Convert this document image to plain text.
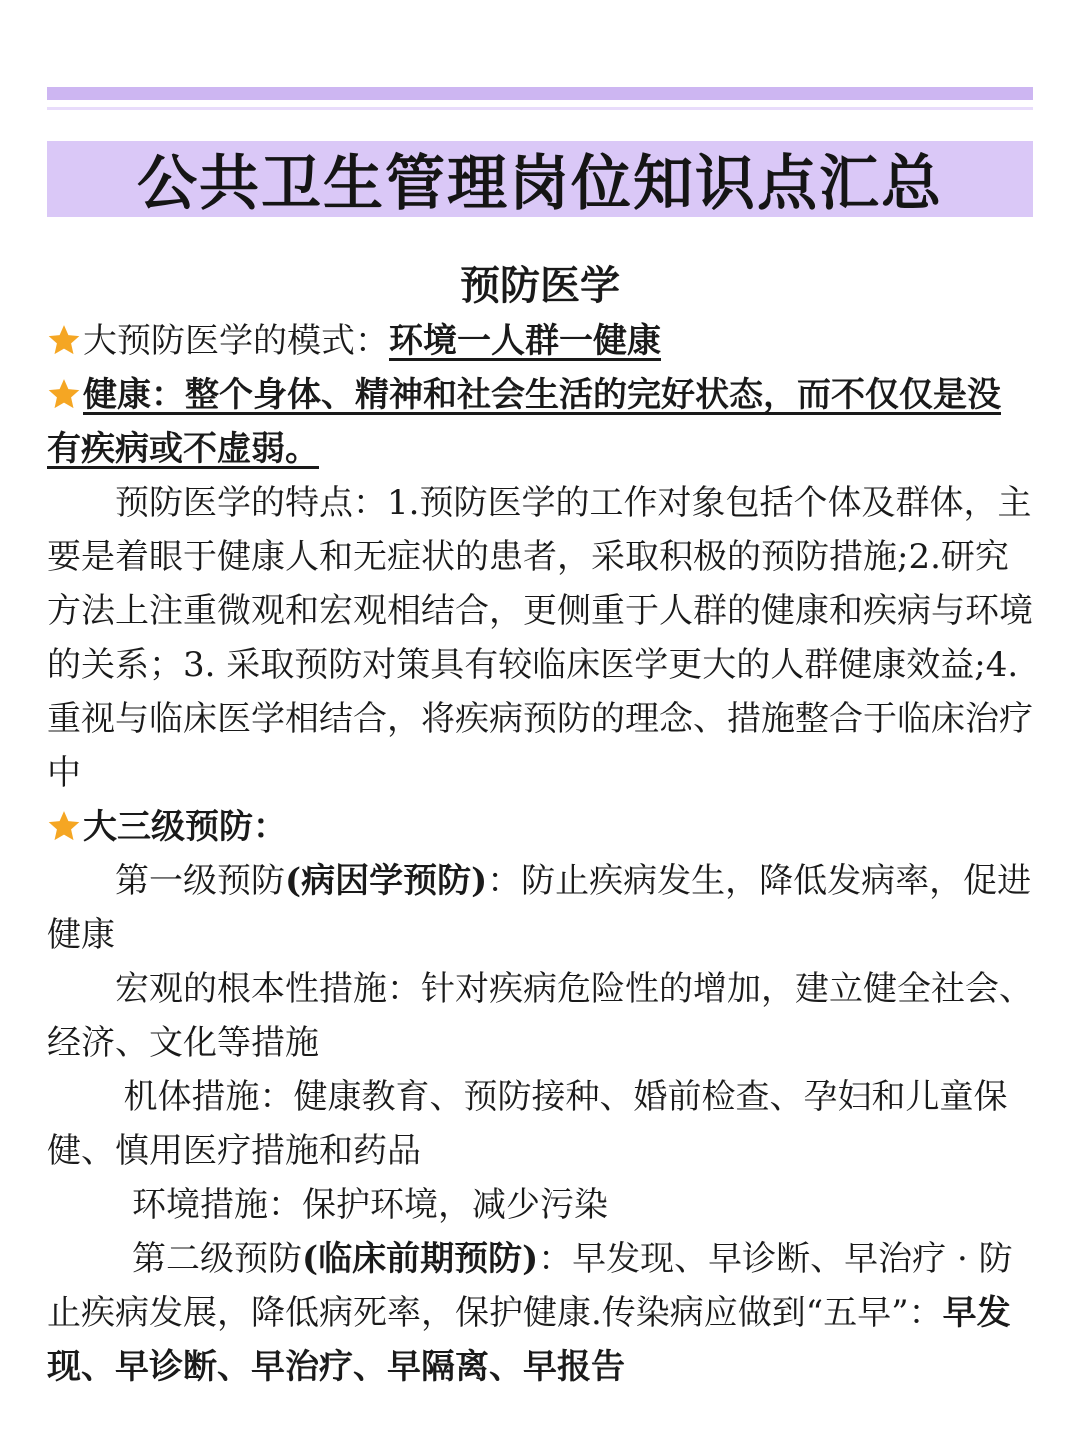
公共卫生管理岗位知识点汇总
预防医学

大预防医学的模式：环境一人群一健康

健康：整个身体、精神和社会生活的完好状态，而不仅仅是没有疾病或不虚弱。

预防医学的特点：1.预防医学的工作对象包括个体及群体，主要是着眼于健康人和无症状的患者，采取积极的预防措施;2.研究方法上注重微观和宏观相结合，更侧重于人群的健康和疾病与环境的关系；3. 采取预防对策具有较临床医学更大的人群健康效益;4. 重视与临床医学相结合，将疾病预防的理念、措施整合于临床治疗中

大三级预防：

第一级预防(病因学预防)：防止疾病发生，降低发病率，促进健康

宏观的根本性措施：针对疾病危险性的增加，建立健全社会、经济、文化等措施

机体措施：健康教育、预防接种、婚前检查、孕妇和儿童保健、慎用医疗措施和药品

环境措施：保护环境，减少污染

第二级预防(临床前期预防)：早发现、早诊断、早治疗 · 防止疾病发展，降低病死率，保护健康.传染病应做到“五早”：早发现、早诊断、早治疗、早隔离、早报告
